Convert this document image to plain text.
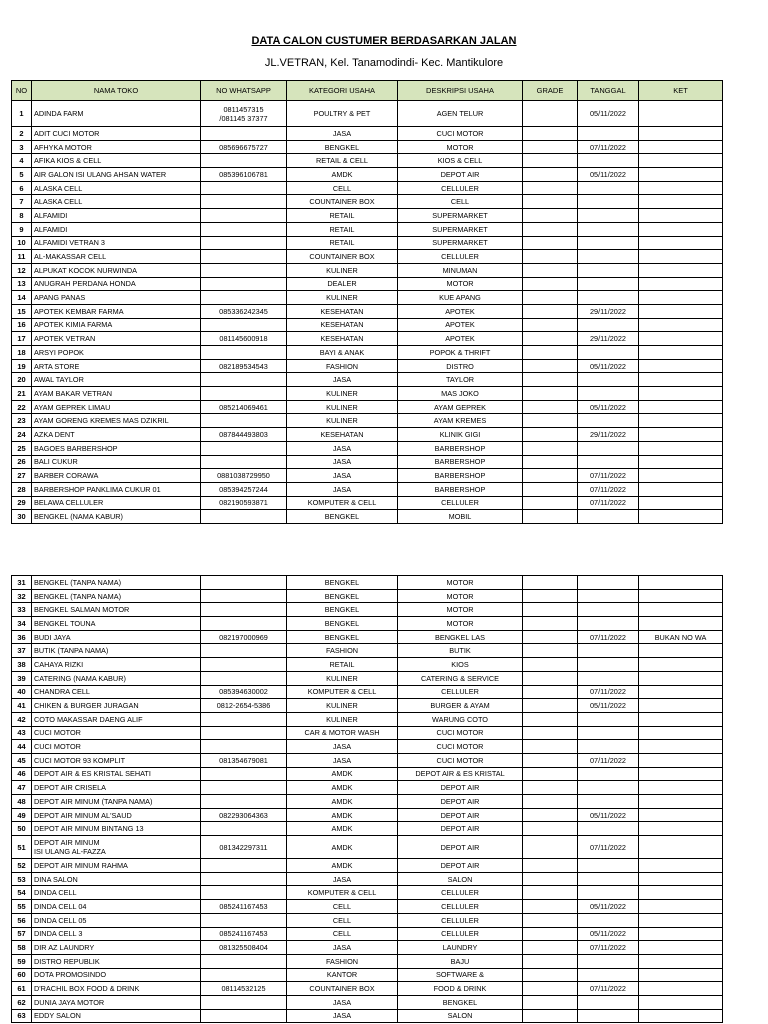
DATA CALON CUSTUMER BERDASARKAN JALAN
JL.VETRAN, Kel. Tanamodindi- Kec. Mantikulore
NO	NAMA TOKO	NO WHATSAPP	KATEGORI USAHA	DESKRIPSI USAHA	GRADE	TANGGAL	KET
1	ADINDA FARM	0811457315
/081145 37377	POULTRY & PET	AGEN TELUR		05/11/2022	
2	ADIT CUCI MOTOR		JASA	CUCI MOTOR			
3	AFHYKA MOTOR	085696675727	BENGKEL	MOTOR		07/11/2022	
4	AFIKA KIOS & CELL		RETAIL & CELL	KIOS & CELL			
5	AIR GALON ISI ULANG AHSAN WATER	085396106781	AMDK	DEPOT AIR		05/11/2022	
6	ALASKA CELL		CELL	CELLULER			
7	ALASKA CELL		COUNTAINER BOX	CELL			
8	ALFAMIDI		RETAIL	SUPERMARKET			
9	ALFAMIDI		RETAIL	SUPERMARKET			
10	ALFAMIDI VETRAN 3		RETAIL	SUPERMARKET			
11	AL-MAKASSAR CELL		COUNTAINER BOX	CELLULER			
12	ALPUKAT KOCOK NURWINDA		KULINER	MINUMAN			
13	ANUGRAH PERDANA HONDA		DEALER	MOTOR			
14	APANG PANAS		KULINER	KUE APANG			
15	APOTEK KEMBAR FARMA	085336242345	KESEHATAN	APOTEK		29/11/2022	
16	APOTEK KIMIA FARMA		KESEHATAN	APOTEK			
17	APOTEK VETRAN	081145600918	KESEHATAN	APOTEK		29/11/2022	
18	ARSYI POPOK		BAYI & ANAK	POPOK & THRIFT			
19	ARTA STORE	082189534543	FASHION	DISTRO		05/11/2022	
20	AWAL TAYLOR		JASA	TAYLOR			
21	AYAM BAKAR VETRAN		KULINER	MAS JOKO			
22	AYAM GEPREK LIMAU	085214069461	KULINER	AYAM GEPREK		05/11/2022	
23	AYAM GORENG KREMES MAS DZIKRIL		KULINER	AYAM KREMES			
24	AZKA DENT	087844493803	KESEHATAN	KLINIK GIGI		29/11/2022	
25	BAGOES BARBERSHOP		JASA	BARBERSHOP			
26	BALI CUKUR		JASA	BARBERSHOP			
27	BARBER CORAWA	0881038729950	JASA	BARBERSHOP		07/11/2022	
28	BARBERSHOP PANKLIMA CUKUR 01	085394257244	JASA	BARBERSHOP		07/11/2022	
29	BELAWA CELLULER	082190593871	KOMPUTER & CELL	CELLULER		07/11/2022	
30	BENGKEL (NAMA KABUR)		BENGKEL	MOBIL			
31	BENGKEL (TANPA NAMA)		BENGKEL	MOTOR			
32	BENGKEL (TANPA NAMA)		BENGKEL	MOTOR			
33	BENGKEL SALMAN MOTOR		BENGKEL	MOTOR			
34	BENGKEL TOUNA		BENGKEL	MOTOR			
36	BUDI JAYA	082197000969	BENGKEL	BENGKEL LAS		07/11/2022	BUKAN NO WA
37	BUTIK (TANPA NAMA)		FASHION	BUTIK			
38	CAHAYA RIZKI		RETAIL	KIOS			
39	CATERING (NAMA KABUR)		KULINER	CATERING & SERVICE			
40	CHANDRA CELL	085394630002	KOMPUTER & CELL	CELLULER		07/11/2022	
41	CHIKEN & BURGER JURAGAN	0812-2654-5386	KULINER	BURGER & AYAM		05/11/2022	
42	COTO MAKASSAR DAENG ALIF		KULINER	WARUNG COTO			
43	CUCI MOTOR		CAR & MOTOR WASH	CUCI MOTOR			
44	CUCI MOTOR		JASA	CUCI MOTOR			
45	CUCI MOTOR 93 KOMPLIT	081354679081	JASA	CUCI MOTOR		07/11/2022	
46	DEPOT AIR & ES KRISTAL SEHATI		AMDK	DEPOT AIR & ES KRISTAL			
47	DEPOT AIR CRISELA		AMDK	DEPOT AIR			
48	DEPOT AIR MINUM (TANPA NAMA)		AMDK	DEPOT AIR			
49	DEPOT AIR MINUM AL'SAUD	082293064363	AMDK	DEPOT AIR		05/11/2022	
50	DEPOT AIR MINUM BINTANG 13		AMDK	DEPOT AIR			
51	DEPOT AIR MINUM
ISI ULANG AL-FAZZA	081342297311	AMDK	DEPOT AIR		07/11/2022	
52	DEPOT AIR MINUM RAHMA		AMDK	DEPOT AIR			
53	DINA SALON		JASA	SALON			
54	DINDA CELL		KOMPUTER & CELL	CELLULER			
55	DINDA CELL 04	085241167453	CELL	CELLULER		05/11/2022	
56	DINDA CELL 05		CELL	CELLULER			
57	DINDA CELL 3	085241167453	CELL	CELLULER		05/11/2022	
58	DIR AZ LAUNDRY	081325508404	JASA	LAUNDRY		07/11/2022	
59	DISTRO REPUBLIK		FASHION	BAJU			
60	DOTA PROMOSINDO		KANTOR	SOFTWARE &			
61	D'RACHIL BOX FOOD & DRINK	08114532125	COUNTAINER BOX	FOOD & DRINK		07/11/2022	
62	DUNIA JAYA MOTOR		JASA	BENGKEL			
63	EDDY SALON		JASA	SALON			
